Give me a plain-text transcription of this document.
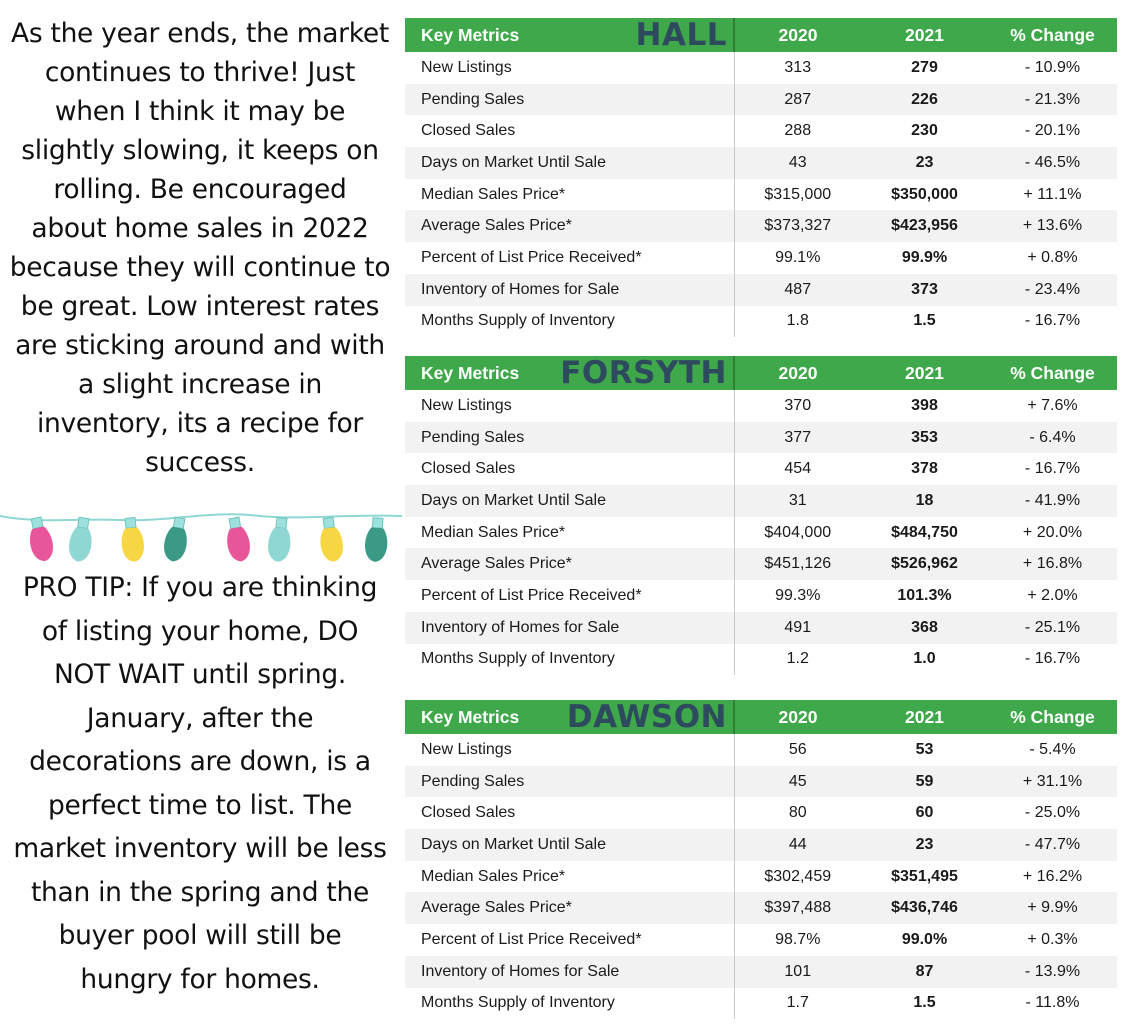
As the year ends, the market
continues to thrive! Just
when I think it may be
slightly slowing, it keeps on
rolling. Be encouraged
about home sales in 2022
because they will continue to
be great. Low interest rates
are sticking around and with
a slight increase in
inventory, its a recipe for
success.
PRO TIP: If you are thinking
of listing your home, DO
NOT WAIT until spring.
January, after the
decorations are down, is a
perfect time to list. The
market inventory will be less
than in the spring and the
buyer pool will still be
hungry for homes.
Key Metrics HALL	2020	2021	% Change
New Listings	313	279	- 10.9%
Pending Sales	287	226	- 21.3%
Closed Sales	288	230	- 20.1%
Days on Market Until Sale	43	23	- 46.5%
Median Sales Price*	$315,000	$350,000	+ 11.1%
Average Sales Price*	$373,327	$423,956	+ 13.6%
Percent of List Price Received*	99.1%	99.9%	+ 0.8%
Inventory of Homes for Sale	487	373	- 23.4%
Months Supply of Inventory	1.8	1.5	- 16.7%
Key Metrics FORSYTH	2020	2021	% Change
New Listings	370	398	+ 7.6%
Pending Sales	377	353	- 6.4%
Closed Sales	454	378	- 16.7%
Days on Market Until Sale	31	18	- 41.9%
Median Sales Price*	$404,000	$484,750	+ 20.0%
Average Sales Price*	$451,126	$526,962	+ 16.8%
Percent of List Price Received*	99.3%	101.3%	+ 2.0%
Inventory of Homes for Sale	491	368	- 25.1%
Months Supply of Inventory	1.2	1.0	- 16.7%
Key Metrics DAWSON	2020	2021	% Change
New Listings	56	53	- 5.4%
Pending Sales	45	59	+ 31.1%
Closed Sales	80	60	- 25.0%
Days on Market Until Sale	44	23	- 47.7%
Median Sales Price*	$302,459	$351,495	+ 16.2%
Average Sales Price*	$397,488	$436,746	+ 9.9%
Percent of List Price Received*	98.7%	99.0%	+ 0.3%
Inventory of Homes for Sale	101	87	- 13.9%
Months Supply of Inventory	1.7	1.5	- 11.8%
